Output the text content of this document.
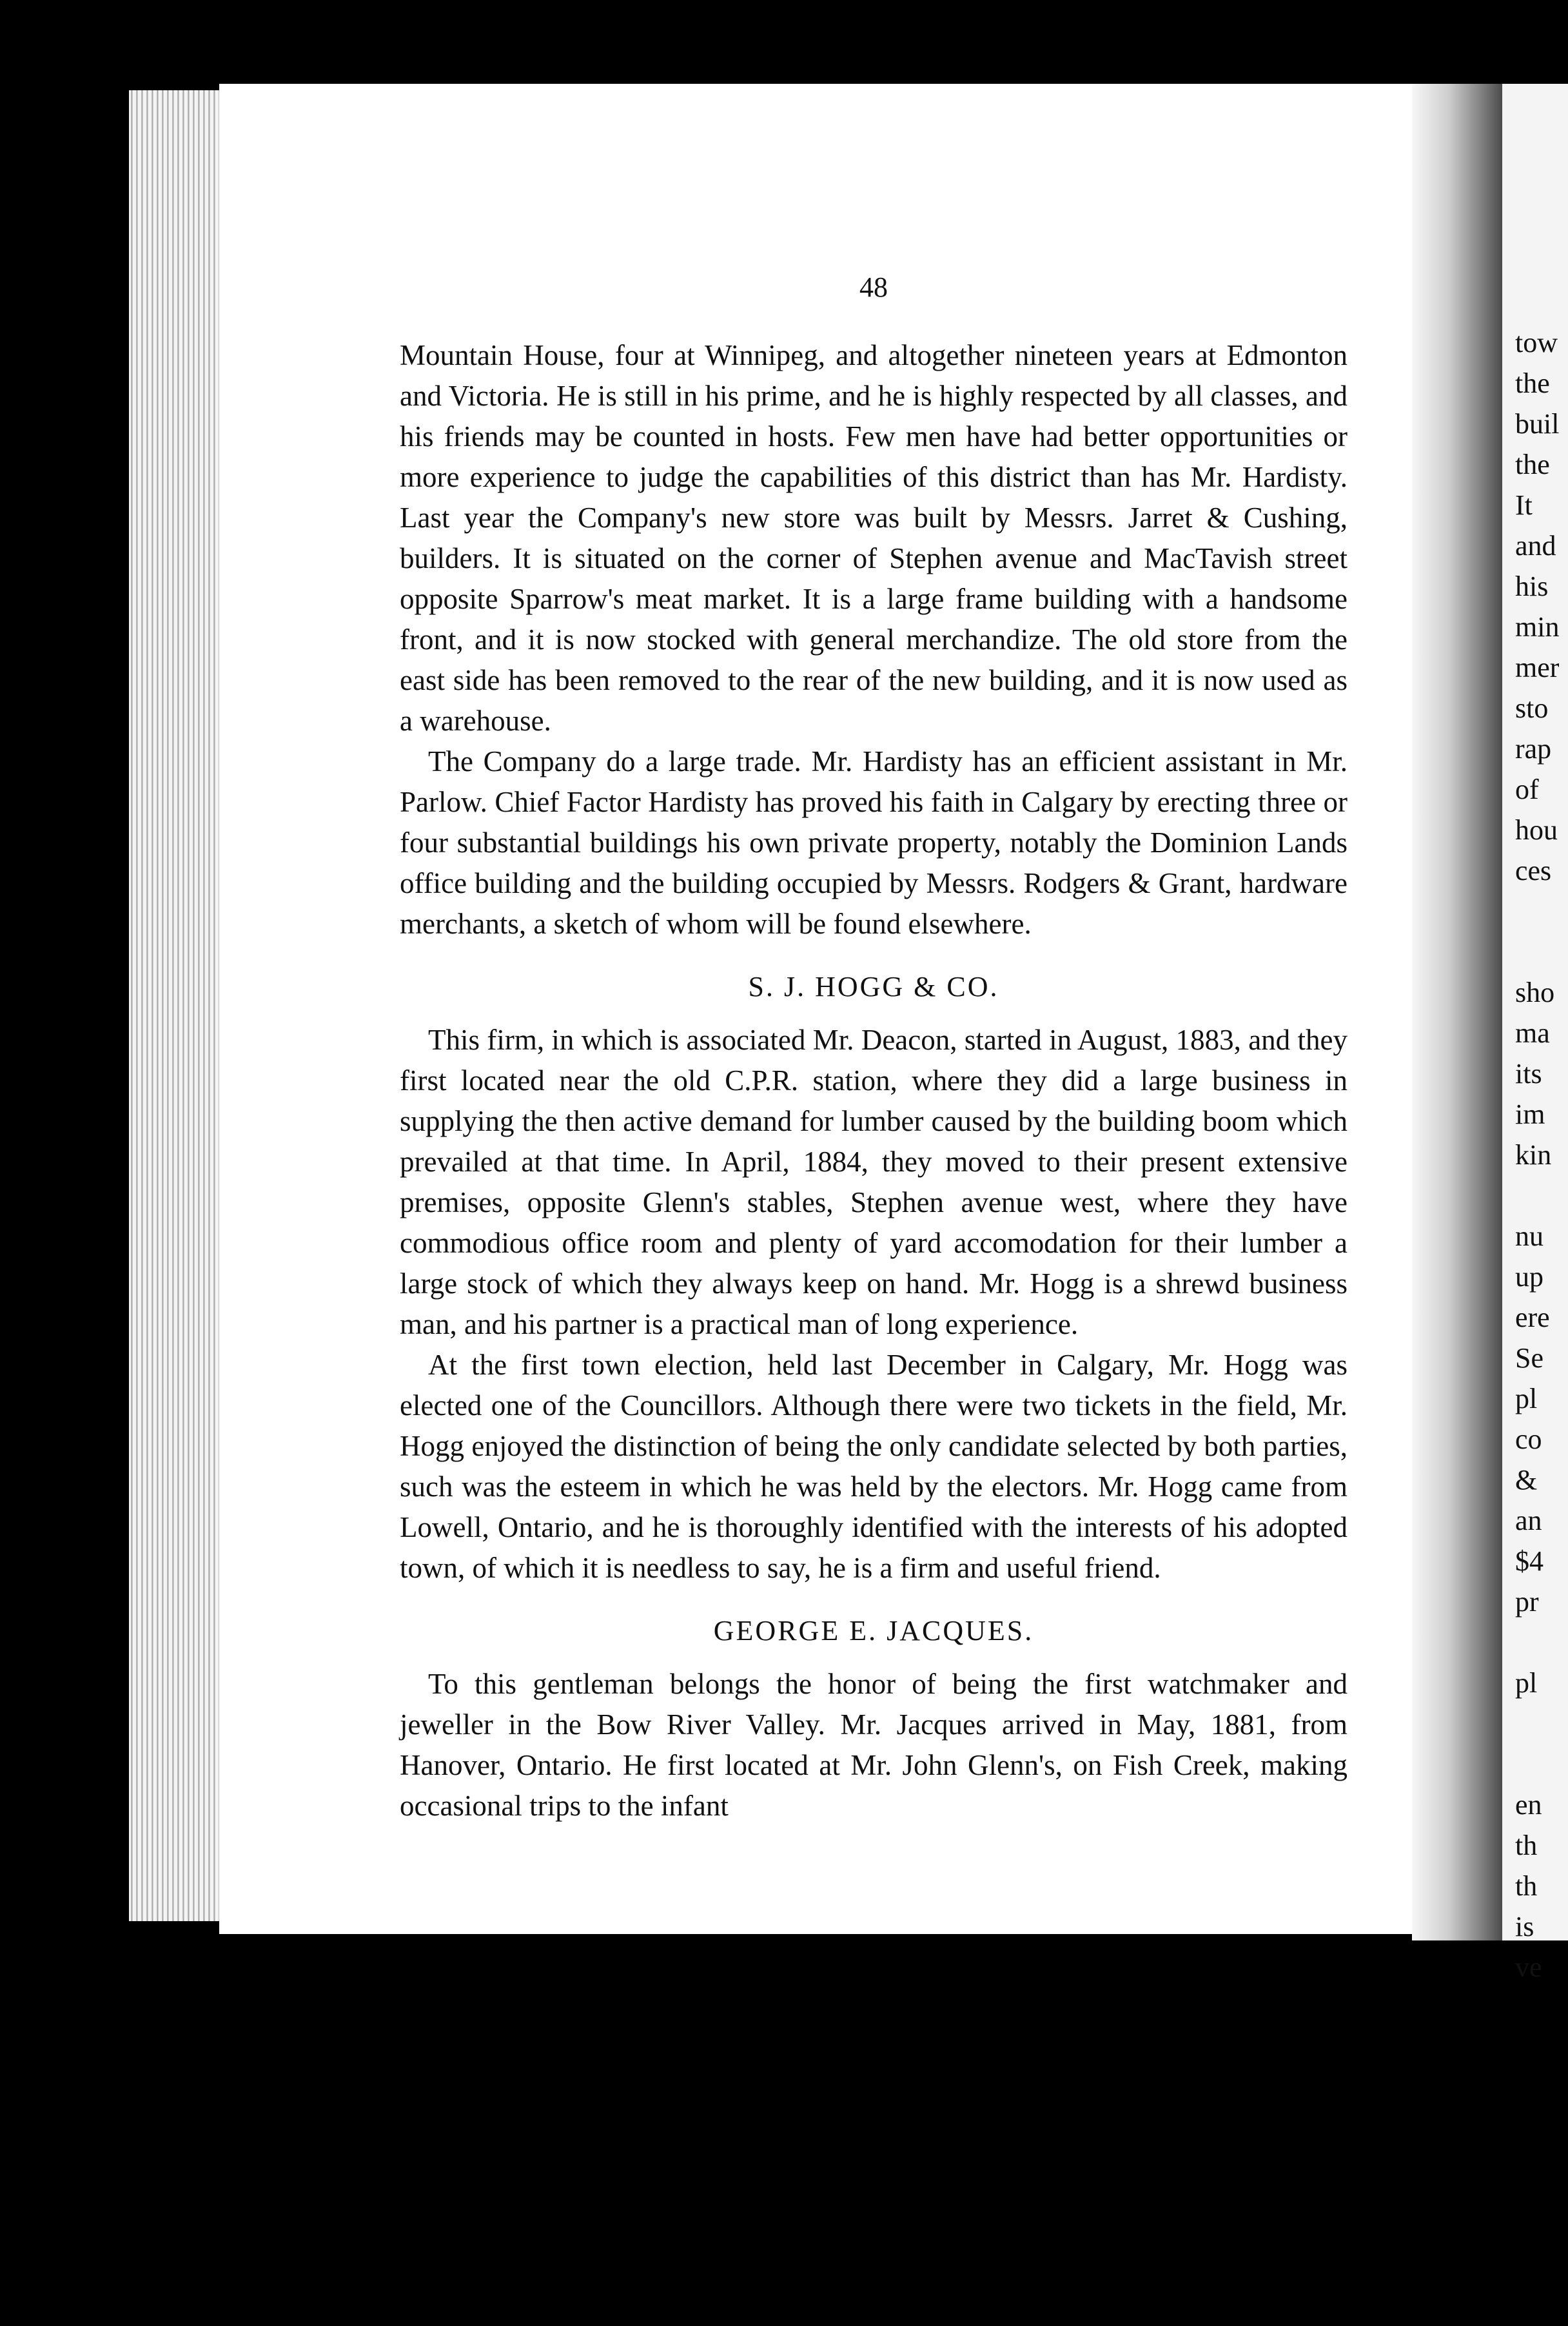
48

Mountain House, four at Winnipeg, and altogether nineteen years at Edmonton and Victoria. He is still in his prime, and he is highly respected by all classes, and his friends may be counted in hosts. Few men have had better opportunities or more experience to judge the capabilities of this district than has Mr. Hardisty. Last year the Company's new store was built by Messrs. Jarret & Cushing, builders. It is situated on the corner of Stephen avenue and MacTavish street opposite Sparrow's meat market. It is a large frame building with a handsome front, and it is now stocked with general merchandize. The old store from the east side has been removed to the rear of the new building, and it is now used as a warehouse.

The Company do a large trade. Mr. Hardisty has an efficient assistant in Mr. Parlow. Chief Factor Hardisty has proved his faith in Calgary by erecting three or four substantial buildings his own private property, notably the Dominion Lands office building and the building occupied by Messrs. Rodgers & Grant, hardware merchants, a sketch of whom will be found elsewhere.

S. J. HOGG & CO.

This firm, in which is associated Mr. Deacon, started in August, 1883, and they first located near the old C.P.R. station, where they did a large business in supplying the then active demand for lumber caused by the building boom which prevailed at that time. In April, 1884, they moved to their present extensive premises, opposite Glenn's stables, Stephen avenue west, where they have commodious office room and plenty of yard accomodation for their lumber a large stock of which they always keep on hand. Mr. Hogg is a shrewd business man, and his partner is a practical man of long experience.

At the first town election, held last December in Calgary, Mr. Hogg was elected one of the Councillors. Although there were two tickets in the field, Mr. Hogg enjoyed the distinction of being the only candidate selected by both parties, such was the esteem in which he was held by the electors. Mr. Hogg came from Lowell, Ontario, and he is thoroughly identified with the interests of his adopted town, of which it is needless to say, he is a firm and useful friend.

GEORGE E. JACQUES.

To this gentleman belongs the honor of being the first watchmaker and jeweller in the Bow River Valley. Mr. Jacques arrived in May, 1881, from Hanover, Ontario. He first located at Mr. John Glenn's, on Fish Creek, making occasional trips to the infant

tow
the
buil
the
It
and
his
min
mer
sto
rap
of
hou
ces
sho
ma
its
im
kin
nu
up
ere
Se
pl
co
&
an
$4
pr
pl
en
th
th
is
ve
